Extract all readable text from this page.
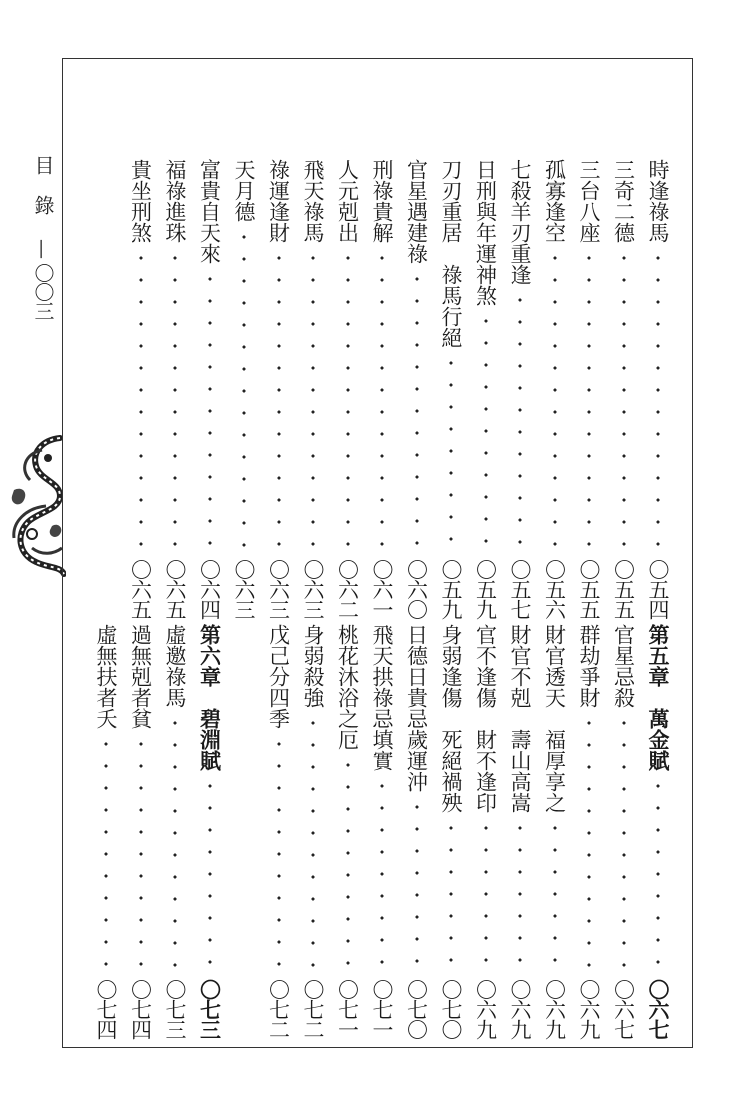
目錄
—
〇〇三
時逢祿馬
〇五四
三奇二德
〇五五
三台八座
〇五五
孤寡逢空
〇五六
七殺羊刃重逢
〇五七
日刑與年運神煞
〇五九
刀刃重居　祿馬行絕
〇五九
官星遇建祿
〇六〇
刑祿貴解
〇六一
人元剋出
〇六二
飛天祿馬
〇六三
祿運逢財
〇六三
天月德
〇六三
富貴自天來
〇六四
福祿進珠
〇六五
貴坐刑煞
〇六五
第五章　萬金賦
〇六七
官星忌殺
〇六七
群劫爭財
〇六九
財官透天　福厚享之
〇六九
財官不剋　壽山高嵩
〇六九
官不逢傷　財不逢印
〇六九
身弱逢傷　死絕禍殃
〇七〇
日德日貴忌歲運沖
〇七〇
飛天拱祿忌填實
〇七一
桃花沐浴之厄
〇七一
身弱殺強
〇七二
戊己分四季
〇七二
第六章　碧淵賦
〇七三
虛邀祿馬
〇七三
過無剋者貧
〇七四
虛無扶者夭
〇七四
